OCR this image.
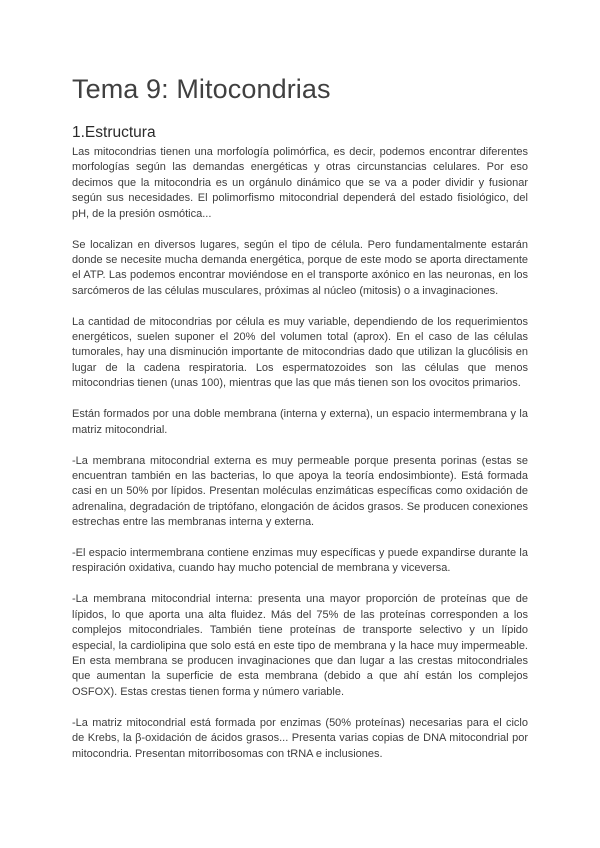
Tema 9: Mitocondrias
1.Estructura

Las mitocondrias tienen una morfología polimórfica, es decir, podemos encontrar diferentes morfologías según las demandas energéticas y otras circunstancias celulares. Por eso decimos que la mitocondria es un orgánulo dinámico que se va a poder dividir y fusionar según sus necesidades. El polimorfismo mitocondrial dependerá del estado fisiológico, del pH, de la presión osmótica...

Se localizan en diversos lugares, según el tipo de célula. Pero fundamentalmente estarán donde se necesite mucha demanda energética, porque de este modo se aporta directamente el ATP. Las podemos encontrar moviéndose en el transporte axónico en las neuronas, en los sarcómeros de las células musculares, próximas al núcleo (mitosis) o a invaginaciones.

La cantidad de mitocondrias por célula es muy variable, dependiendo de los requerimientos energéticos, suelen suponer el 20% del volumen total (aprox). En el caso de las células tumorales, hay una disminución importante de mitocondrias dado que utilizan la glucólisis en lugar de la cadena respiratoria. Los espermatozoides son las células que menos mitocondrias tienen (unas 100), mientras que las que más tienen son los ovocitos primarios.

Están formados por una doble membrana (interna y externa), un espacio intermembrana y la matriz mitocondrial.

-La membrana mitocondrial externa es muy permeable porque presenta porinas (estas se encuentran también en las bacterias, lo que apoya la teoría endosimbionte). Está formada casi en un 50% por lípidos. Presentan moléculas enzimáticas específicas como oxidación de adrenalina, degradación de triptófano, elongación de ácidos grasos. Se producen conexiones estrechas entre las membranas interna y externa.

-El espacio intermembrana contiene enzimas muy específicas y puede expandirse durante la respiración oxidativa, cuando hay mucho potencial de membrana y viceversa.

-La membrana mitocondrial interna: presenta una mayor proporción de proteínas que de lípidos, lo que aporta una alta fluidez. Más del 75% de las proteínas corresponden a los complejos mitocondriales. También tiene proteínas de transporte selectivo y un lípido especial, la cardiolipina que solo está en este tipo de membrana y la hace muy impermeable. En esta membrana se producen invaginaciones que dan lugar a las crestas mitocondriales que aumentan la superficie de esta membrana (debido a que ahí están los complejos OSFOX). Estas crestas tienen forma y número variable.

-La matriz mitocondrial está formada por enzimas (50% proteínas) necesarias para el ciclo de Krebs, la β-oxidación de ácidos grasos... Presenta varias copias de DNA mitocondrial por mitocondria. Presentan mitorribosomas con tRNA e inclusiones.
